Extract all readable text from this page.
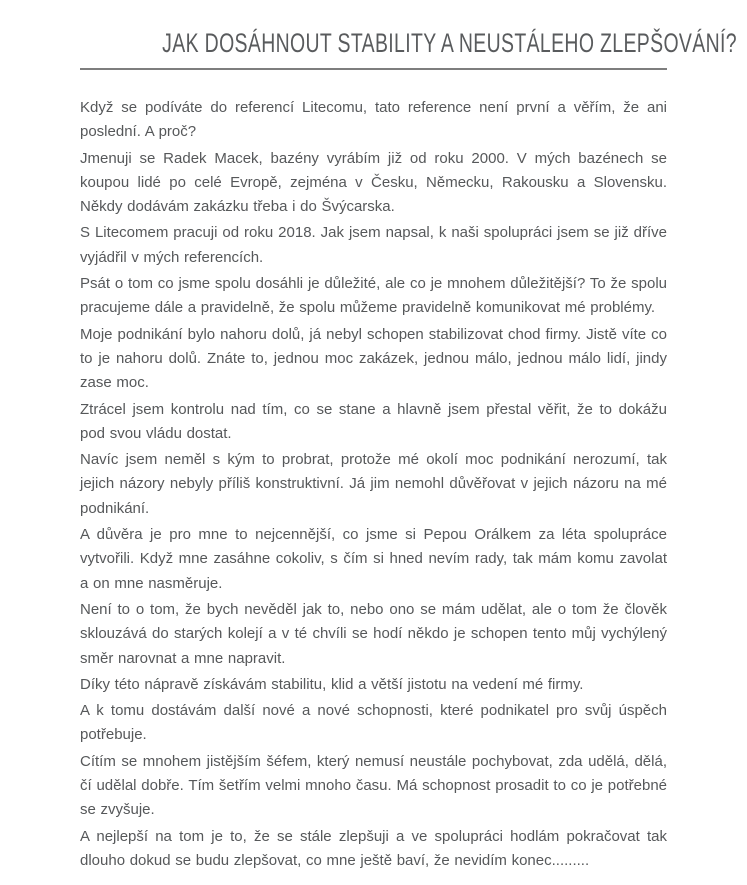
JAK DOSÁHNOUT STABILITY A NEUSTÁLEHO ZLEPŠOVÁNÍ?

Když se podíváte do referencí Litecomu, tato reference není první a věřím, že ani poslední. A proč?

Jmenuji se Radek Macek, bazény vyrábím již od roku 2000. V mých bazénech se koupou lidé po celé Evropě, zejména v Česku, Německu, Rakousku a Slovensku. Někdy dodávám zakázku třeba i do Švýcarska.

S Litecomem pracuji od roku 2018. Jak jsem napsal, k naši spolupráci jsem se již dříve vyjádřil v mých referencích.

Psát o tom co jsme spolu dosáhli je důležité, ale co je mnohem důležitější? To že spolu pracujeme dále a pravidelně, že spolu můžeme pravidelně komunikovat mé problémy.

Moje podnikání bylo nahoru dolů, já nebyl schopen stabilizovat chod firmy. Jistě víte co to je nahoru dolů. Znáte to, jednou moc zakázek, jednou málo, jednou málo lidí, jindy zase moc.

Ztrácel jsem kontrolu nad tím, co se stane a hlavně jsem přestal věřit, že to dokážu pod svou vládu dostat.

Navíc jsem neměl s kým to probrat, protože mé okolí moc podnikání nerozumí, tak jejich názory nebyly příliš konstruktivní. Já jim nemohl důvěřovat v jejich názoru na mé podnikání.

A důvěra je pro mne to nejcennější, co jsme si Pepou Orálkem za léta spolupráce vytvořili. Když mne zasáhne cokoliv, s čím si hned nevím rady, tak mám komu zavolat a on mne nasměruje.

Není to o tom, že bych nevěděl jak to, nebo ono se mám udělat, ale o tom že člověk sklouzává do starých kolejí a v té chvíli se hodí někdo je schopen tento můj vychýlený směr narovnat a mne napravit.

Díky této nápravě získávám stabilitu, klid a větší jistotu na vedení mé firmy.

A k tomu dostávám další nové a nové schopnosti, které podnikatel pro svůj úspěch potřebuje.

Cítím se mnohem jistějším šéfem, který nemusí neustále pochybovat, zda udělá, dělá, čí udělal dobře. Tím šetřím velmi mnoho času. Má schopnost prosadit to co je potřebné se zvyšuje.

A nejlepší na tom je to, že se stále zlepšuji a ve spolupráci hodlám pokračovat tak dlouho dokud se budu zlepšovat, co mne ještě baví, že nevidím konec.........
